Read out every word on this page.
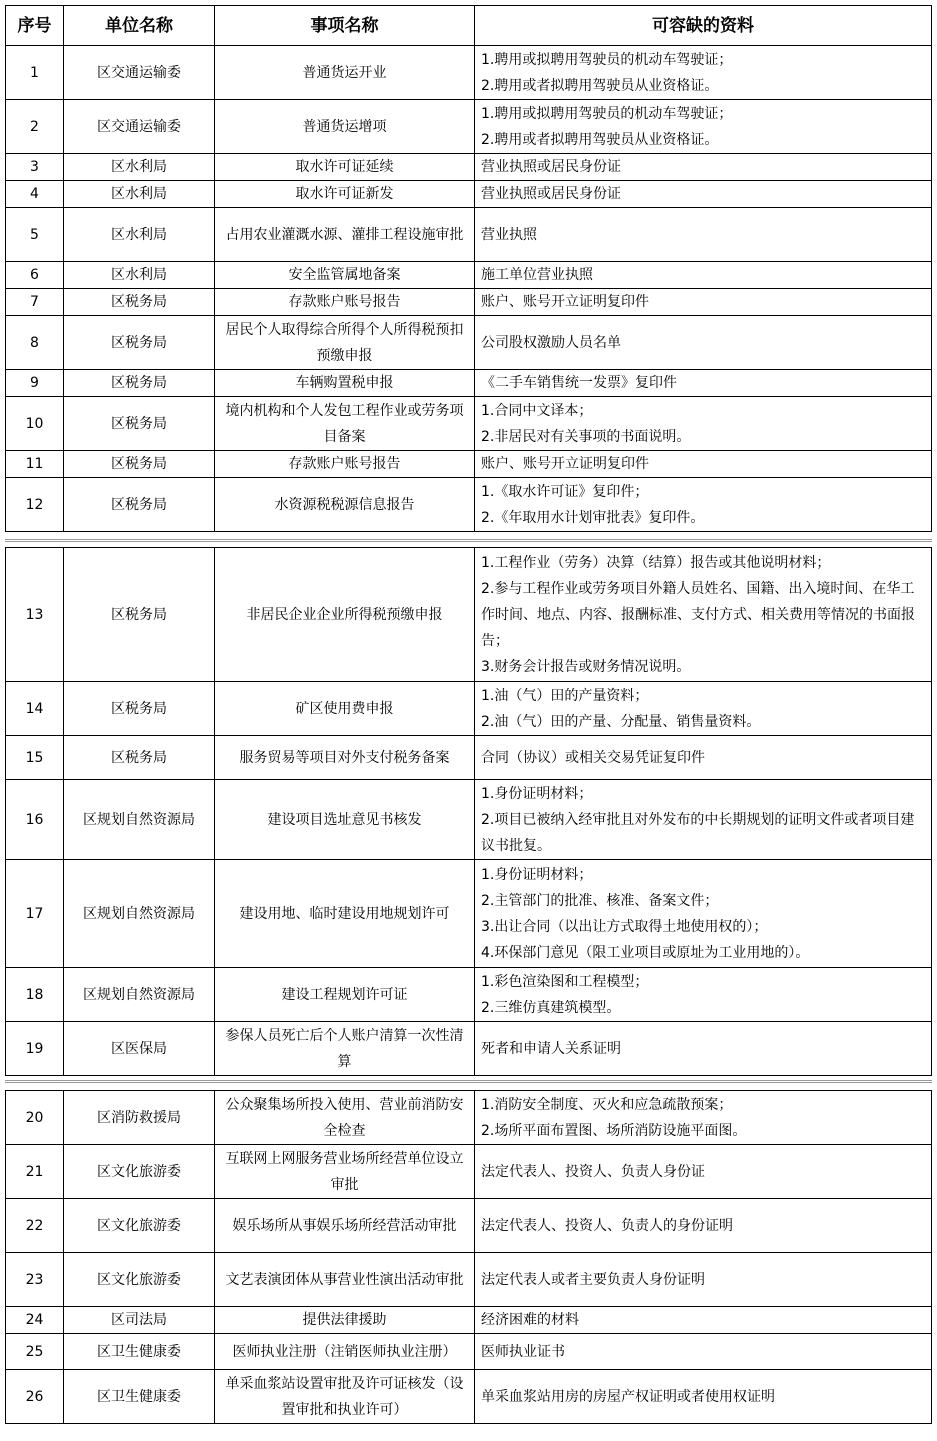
序号	单位名称	事项名称	可容缺的资料
1	区交通运输委	普通货运开业	1.聘用或拟聘用驾驶员的机动车驾驶证；
2.聘用或者拟聘用驾驶员从业资格证。
2	区交通运输委	普通货运增项	1.聘用或拟聘用驾驶员的机动车驾驶证；
2.聘用或者拟聘用驾驶员从业资格证。
3	区水利局	取水许可证延续	营业执照或居民身份证
4	区水利局	取水许可证新发	营业执照或居民身份证
5	区水利局	占用农业灌溉水源、灌排工程设施审批	营业执照
6	区水利局	安全监管属地备案	施工单位营业执照
7	区税务局	存款账户账号报告	账户、账号开立证明复印件
8	区税务局	居民个人取得综合所得个人所得税预扣预缴申报	公司股权激励人员名单
9	区税务局	车辆购置税申报	《二手车销售统一发票》复印件
10	区税务局	境内机构和个人发包工程作业或劳务项目备案	1.合同中文译本；
2.非居民对有关事项的书面说明。
11	区税务局	存款账户账号报告	账户、账号开立证明复印件
12	区税务局	水资源税税源信息报告	1.《取水许可证》复印件；
2.《年取用水计划审批表》复印件。
13	区税务局	非居民企业企业所得税预缴申报	1.工程作业（劳务）决算（结算）报告或其他说明材料；
2.参与工程作业或劳务项目外籍人员姓名、国籍、出入境时间、在华工作时间、地点、内容、报酬标准、支付方式、相关费用等情况的书面报告；
3.财务会计报告或财务情况说明。
14	区税务局	矿区使用费申报	1.油（气）田的产量资料；
2.油（气）田的产量、分配量、销售量资料。
15	区税务局	服务贸易等项目对外支付税务备案	合同（协议）或相关交易凭证复印件
16	区规划自然资源局	建设项目选址意见书核发	1.身份证明材料；
2.项目已被纳入经审批且对外发布的中长期规划的证明文件或者项目建议书批复。
17	区规划自然资源局	建设用地、临时建设用地规划许可	1.身份证明材料；
2.主管部门的批准、核准、备案文件；
3.出让合同（以出让方式取得土地使用权的）；
4.环保部门意见（限工业项目或原址为工业用地的）。
18	区规划自然资源局	建设工程规划许可证	1.彩色渲染图和工程模型；
2.三维仿真建筑模型。
19	区医保局	参保人员死亡后个人账户清算一次性清算	死者和申请人关系证明
20	区消防救援局	公众聚集场所投入使用、营业前消防安全检查	1.消防安全制度、灭火和应急疏散预案；
2.场所平面布置图、场所消防设施平面图。
21	区文化旅游委	互联网上网服务营业场所经营单位设立审批	法定代表人、投资人、负责人身份证
22	区文化旅游委	娱乐场所从事娱乐场所经营活动审批	法定代表人、投资人、负责人的身份证明
23	区文化旅游委	文艺表演团体从事营业性演出活动审批	法定代表人或者主要负责人身份证明
24	区司法局	提供法律援助	经济困难的材料
25	区卫生健康委	医师执业注册（注销医师执业注册）	医师执业证书
26	区卫生健康委	单采血浆站设置审批及许可证核发（设置审批和执业许可）	单采血浆站用房的房屋产权证明或者使用权证明
